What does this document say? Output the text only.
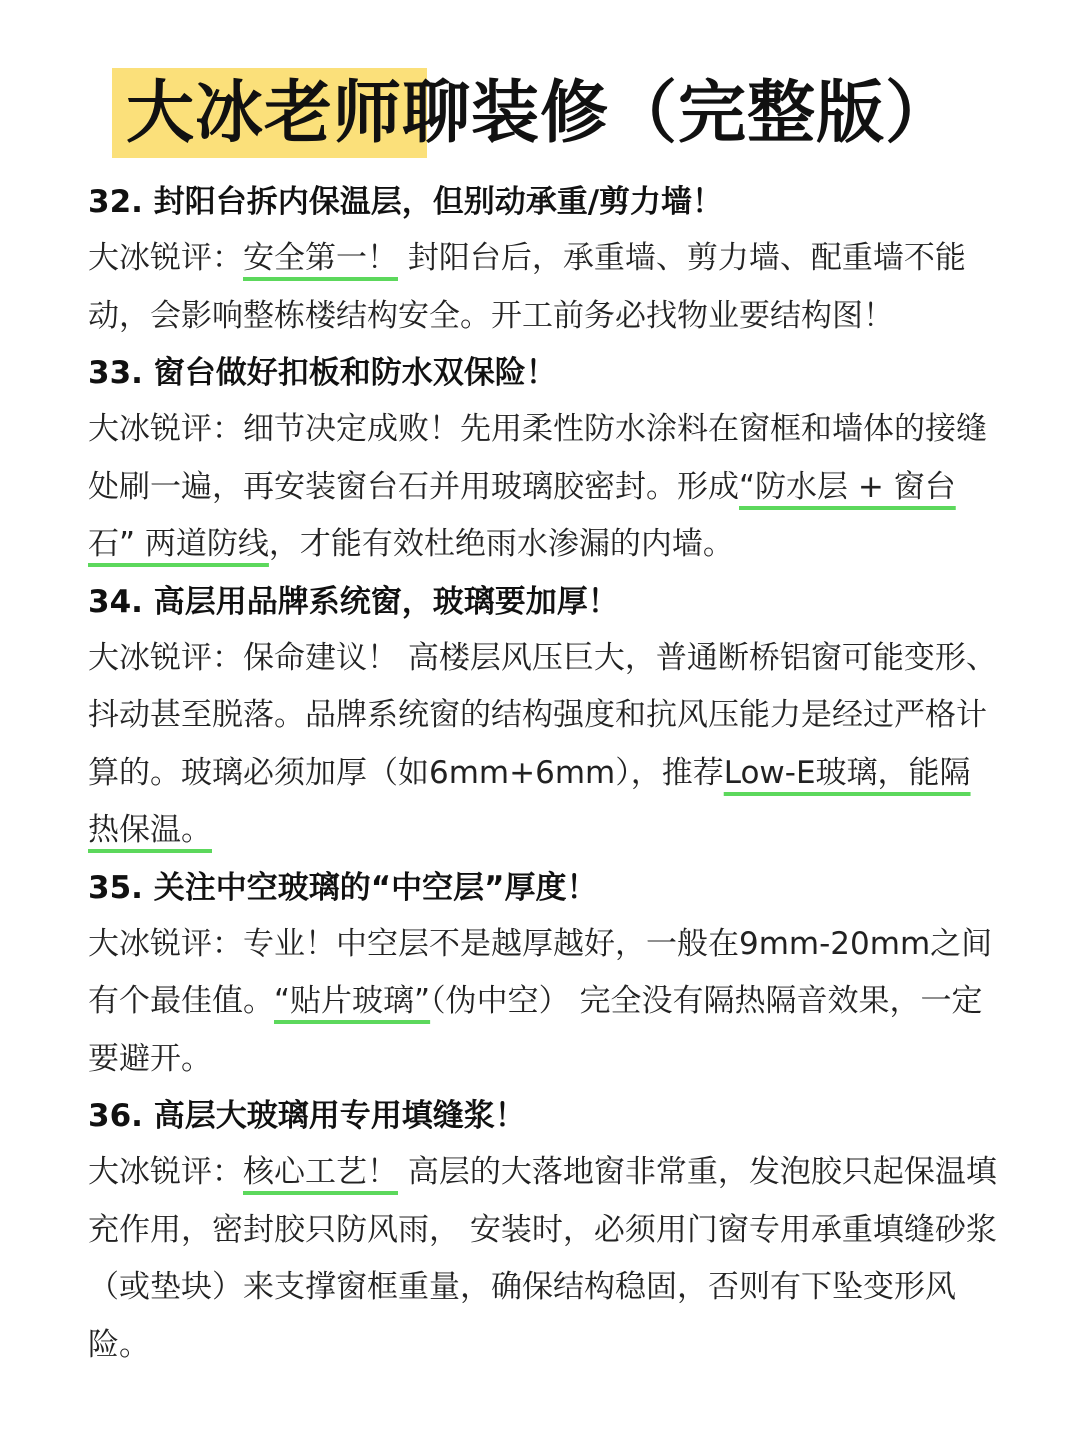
大冰老师聊装修（完整版）
32. 封阳台拆内保温层，但别动承重/剪力墙！
大冰锐评：安全第一！ 封阳台后，承重墙、剪力墙、配重墙不能动，会影响整栋楼结构安全。开工前务必找物业要结构图！
33. 窗台做好扣板和防水双保险！
大冰锐评：细节决定成败！先用柔性防水涂料在窗框和墙体的接缝处刷一遍，再安装窗台石并用玻璃胶密封。形成“防水层 + 窗台石” 两道防线，才能有效杜绝雨水渗漏的内墙。
34. 高层用品牌系统窗，玻璃要加厚！
大冰锐评：保命建议！ 高楼层风压巨大，普通断桥铝窗可能变形、抖动甚至脱落。品牌系统窗的结构强度和抗风压能力是经过严格计算的。玻璃必须加厚（如6mm+6mm），推荐Low-E玻璃，能隔热保温。
35. 关注中空玻璃的“中空层”厚度！
大冰锐评：专业！中空层不是越厚越好，一般在9mm-20mm之间有个最佳值。“贴片玻璃”（伪中空） 完全没有隔热隔音效果，一定要避开。
36. 高层大玻璃用专用填缝浆！
大冰锐评：核心工艺！ 高层的大落地窗非常重，发泡胶只起保温填充作用，密封胶只防风雨， 安装时，必须用门窗专用承重填缝砂浆（或垫块）来支撑窗框重量，确保结构稳固，否则有下坠变形风险。
